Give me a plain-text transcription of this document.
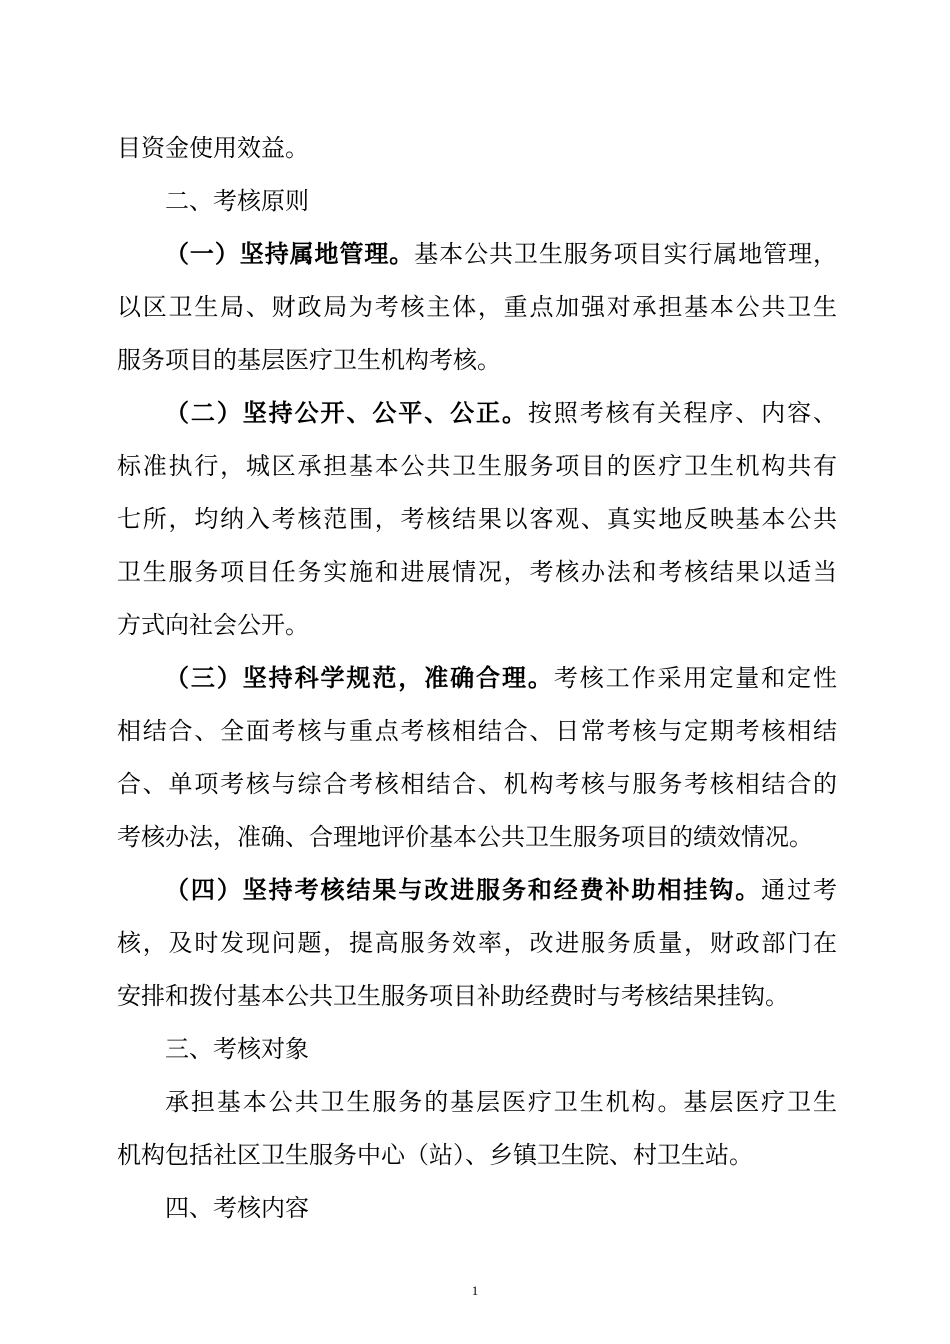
目资金使用效益。
二、考核原则
（一）坚持属地管理。基本公共卫生服务项目实行属地管理，
以区卫生局、财政局为考核主体，重点加强对承担基本公共卫生
服务项目的基层医疗卫生机构考核。
（二）坚持公开、公平、公正。按照考核有关程序、内容、
标准执行，城区承担基本公共卫生服务项目的医疗卫生机构共有
七所，均纳入考核范围，考核结果以客观、真实地反映基本公共
卫生服务项目任务实施和进展情况，考核办法和考核结果以适当
方式向社会公开。
（三）坚持科学规范，准确合理。考核工作采用定量和定性
相结合、全面考核与重点考核相结合、日常考核与定期考核相结
合、单项考核与综合考核相结合、机构考核与服务考核相结合的
考核办法，准确、合理地评价基本公共卫生服务项目的绩效情况。
（四）坚持考核结果与改进服务和经费补助相挂钩。通过考
核，及时发现问题，提高服务效率，改进服务质量，财政部门在
安排和拨付基本公共卫生服务项目补助经费时与考核结果挂钩。
三、考核对象
承担基本公共卫生服务的基层医疗卫生机构。基层医疗卫生
机构包括社区卫生服务中心（站）、乡镇卫生院、村卫生站。
四、考核内容
1
